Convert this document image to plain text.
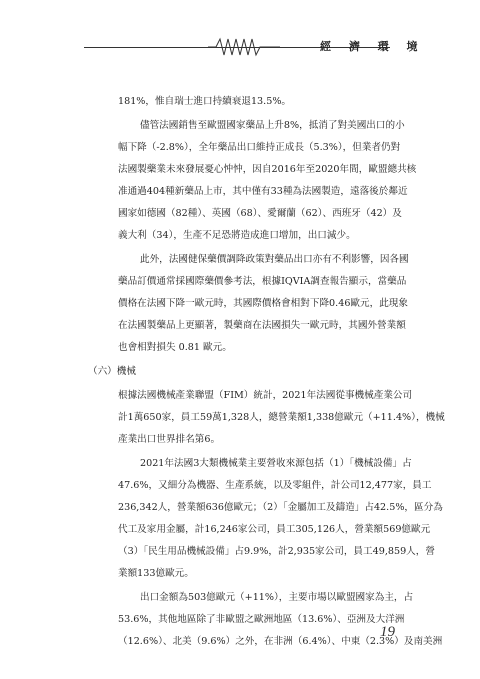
經 濟 環 境
181%，惟自瑞士進口持續衰退13.5%。
儘管法國銷售至歐盟國家藥品上升8%，抵消了對美國出口的小
幅下降（-2.8%），全年藥品出口維持正成長（5.3%），但業者仍對
法國製藥業未來發展憂心忡忡，因自2016年至2020年間，歐盟總共核
准通過404種新藥品上市，其中僅有33種為法國製造，遠落後於鄰近
國家如德國（82種）、英國（68）、愛爾蘭（62）、西班牙（42）及
義大利（34），生產不足恐將造成進口增加，出口減少。
此外，法國健保藥價調降政策對藥品出口亦有不利影響，因各國
藥品訂價通常採國際藥價參考法，根據IQVIA調查報告顯示，當藥品
價格在法國下降一歐元時，其國際價格會相對下降0.46歐元，此現象
在法國製藥品上更顯著，製藥商在法國損失一歐元時，其國外營業額
也會相對損失 0.81 歐元。
（六）機械
根據法國機械產業聯盟（FIM）統計，2021年法國從事機械產業公司
計1萬650家，員工59萬1,328人，總營業額1,338億歐元（+11.4%），機械
產業出口世界排名第6。
2021年法國3大類機械業主要營收來源包括（1）「機械設備」占
47.6%，又細分為機器、生產系統，以及零組件，計公司12,477家，員工
236,342人，營業額636億歐元；（2）「金屬加工及鑄造」占42.5%，區分為
代工及家用金屬，計16,246家公司，員工305,126人，營業額569億歐元
（3）「民生用品機械設備」占9.9%，計2,935家公司，員工49,859人，營
業額133億歐元。
出口金額為503億歐元（+11%），主要市場以歐盟國家為主，占
53.6%，其他地區除了非歐盟之歐洲地區（13.6%）、亞洲及大洋洲
（12.6%）、北美（9.6%）之外，在非洲（6.4%）、中東（2.3%）及南美洲
19
